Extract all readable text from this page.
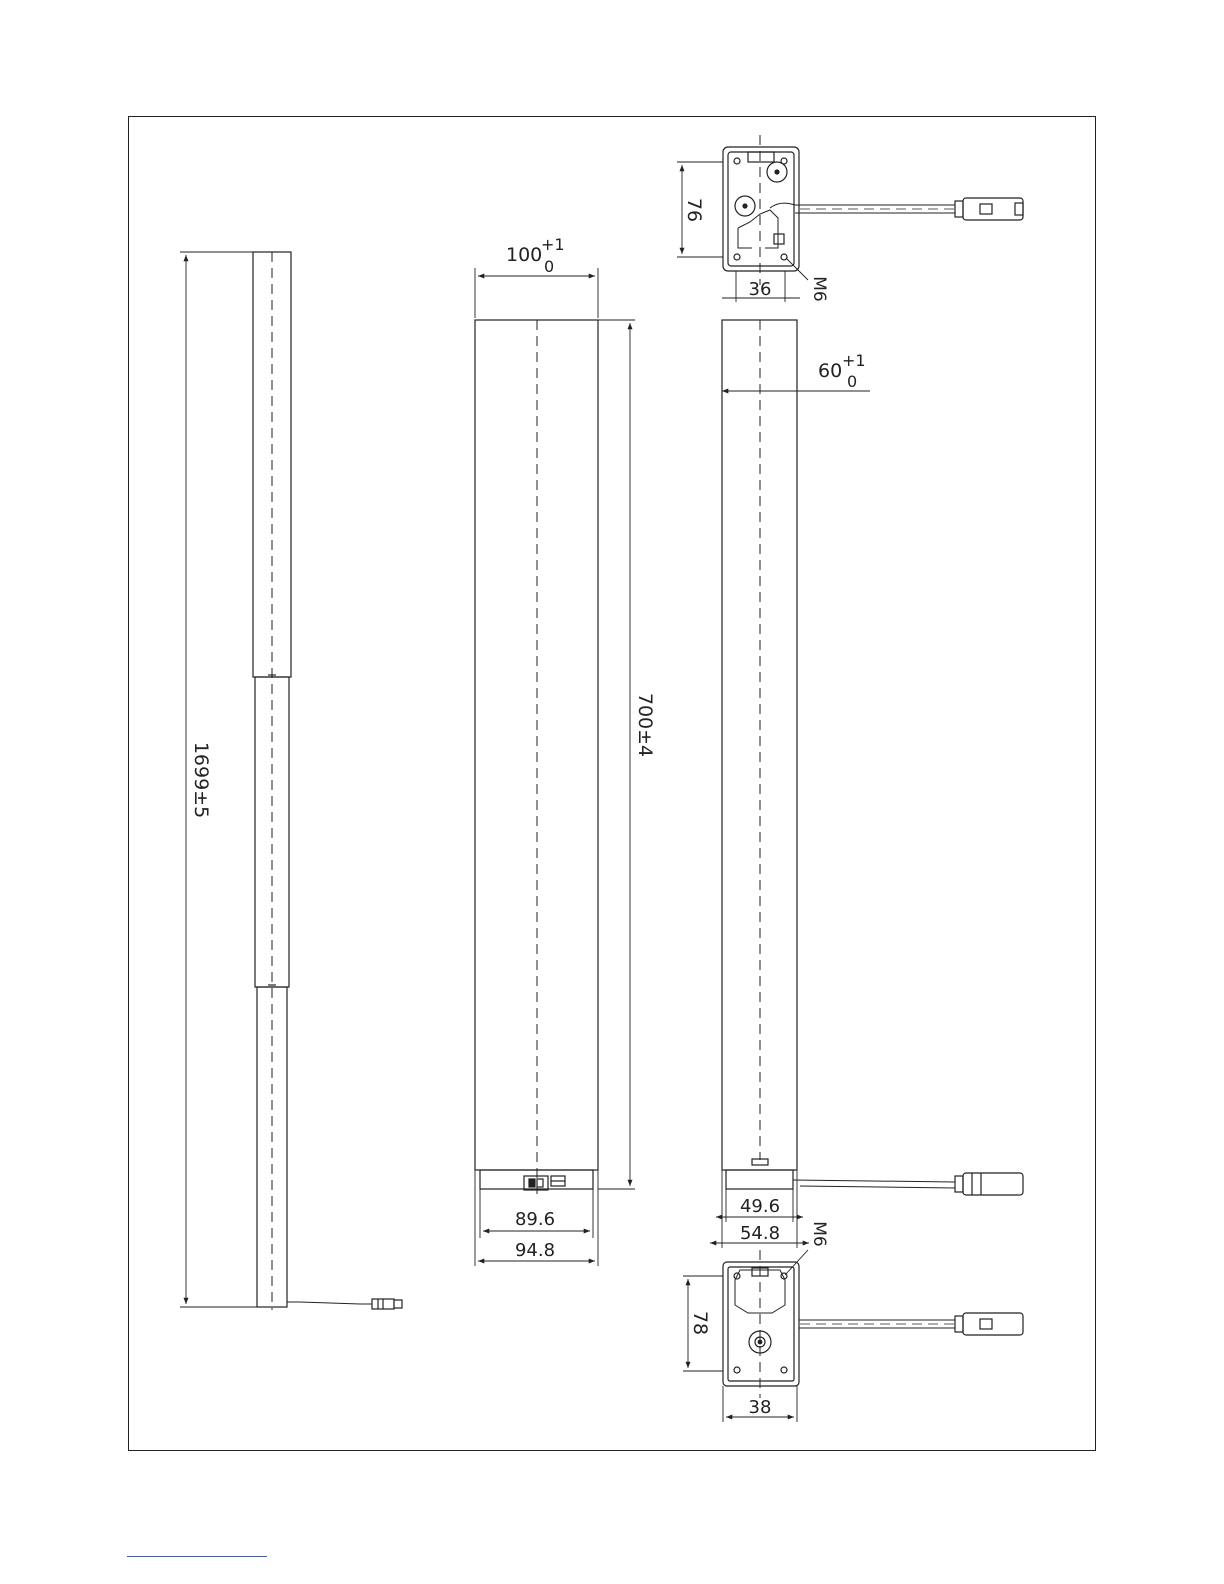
1699±5
100
+1
0
700±4
89.6
94.8
60 +1
0
49.6
54.8
76
36 M6
78
38
M6
